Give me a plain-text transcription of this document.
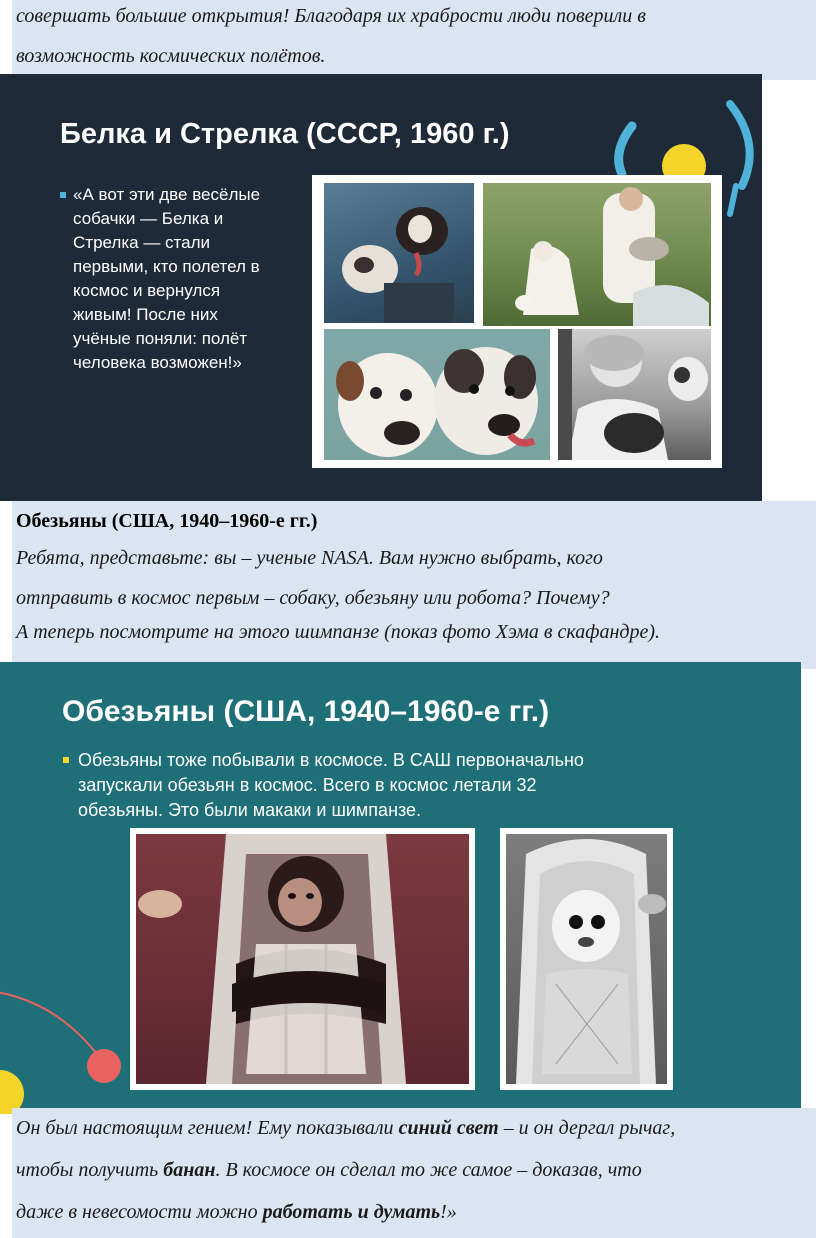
совершать большие открытия! Благодаря их храбрости люди поверили в

возможность космических полётов.

Белка и Стрелка (СССР, 1960 г.)
«А вот эти две весёлые
собачки — Белка и
Стрелка — стали
первыми, кто полетел в
космос и вернулся
живым! После них
учёные поняли: полёт
человека возможен!»

Обезьяны (США, 1940–1960-е гг.)

Ребята, представьте: вы – ученые NASA. Вам нужно выбрать, кого

отправить в космос первым – собаку, обезьяну или робота? Почему?

А теперь посмотрите на этого шимпанзе (показ фото Хэма в скафандре).

Обезьяны (США, 1940–1960-е гг.)
Обезьяны тоже побывали в космосе. В САШ первоначально
запускали обезьян в космос. Всего в космос летали 32
обезьяны. Это были макаки и шимпанзе.

Он был настоящим гением! Ему показывали синий свет – и он дергал рычаг,

чтобы получить банан. В космосе он сделал то же самое – доказав, что

даже в невесомости можно работать и думать!»
